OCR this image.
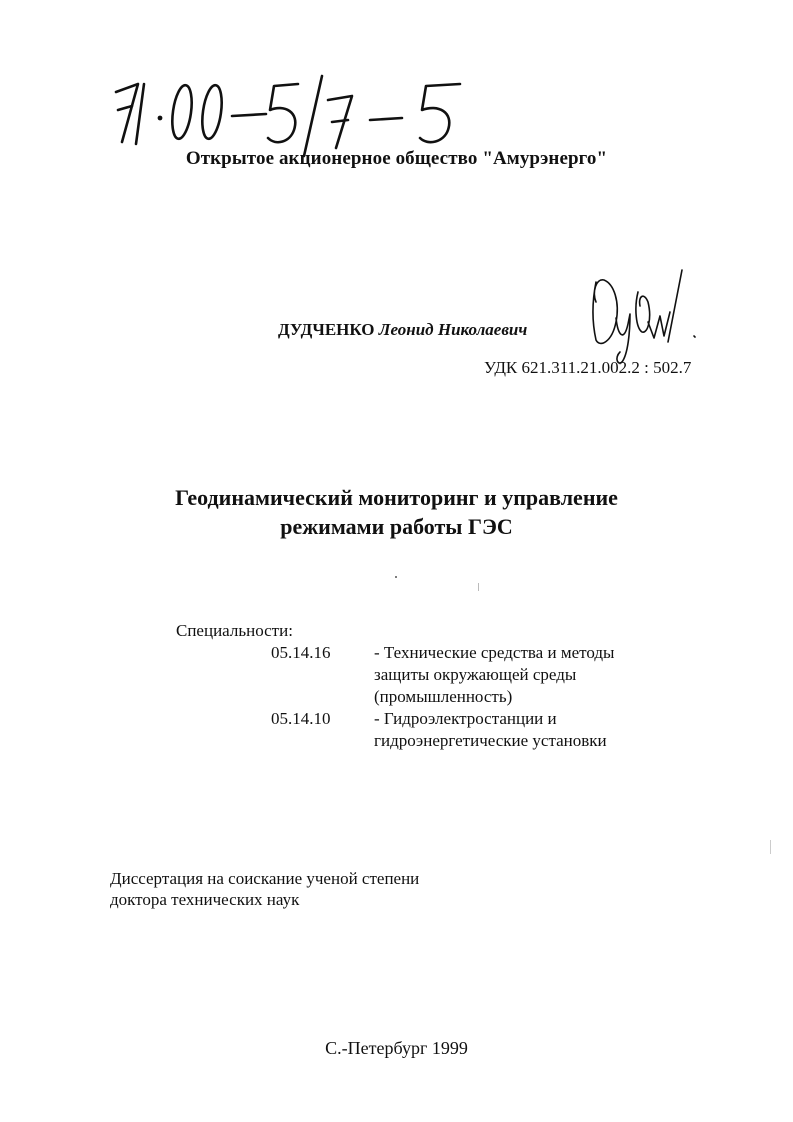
Открытое акционерное общество "Амурэнерго"
ДУДЧЕНКО Леонид Николаевич
УДК 621.311.21.002.2 : 502.7
Геодинамический мониторинг и управление
режимами работы ГЭС
Специальности:
05.14.16	- Технические средства и методы
защиты окружающей среды
(промышленность)
05.14.10	- Гидроэлектростанции и
гидроэнергетические установки
Диссертация на соискание ученой степени
доктора технических наук
С.-Петербург 1999
